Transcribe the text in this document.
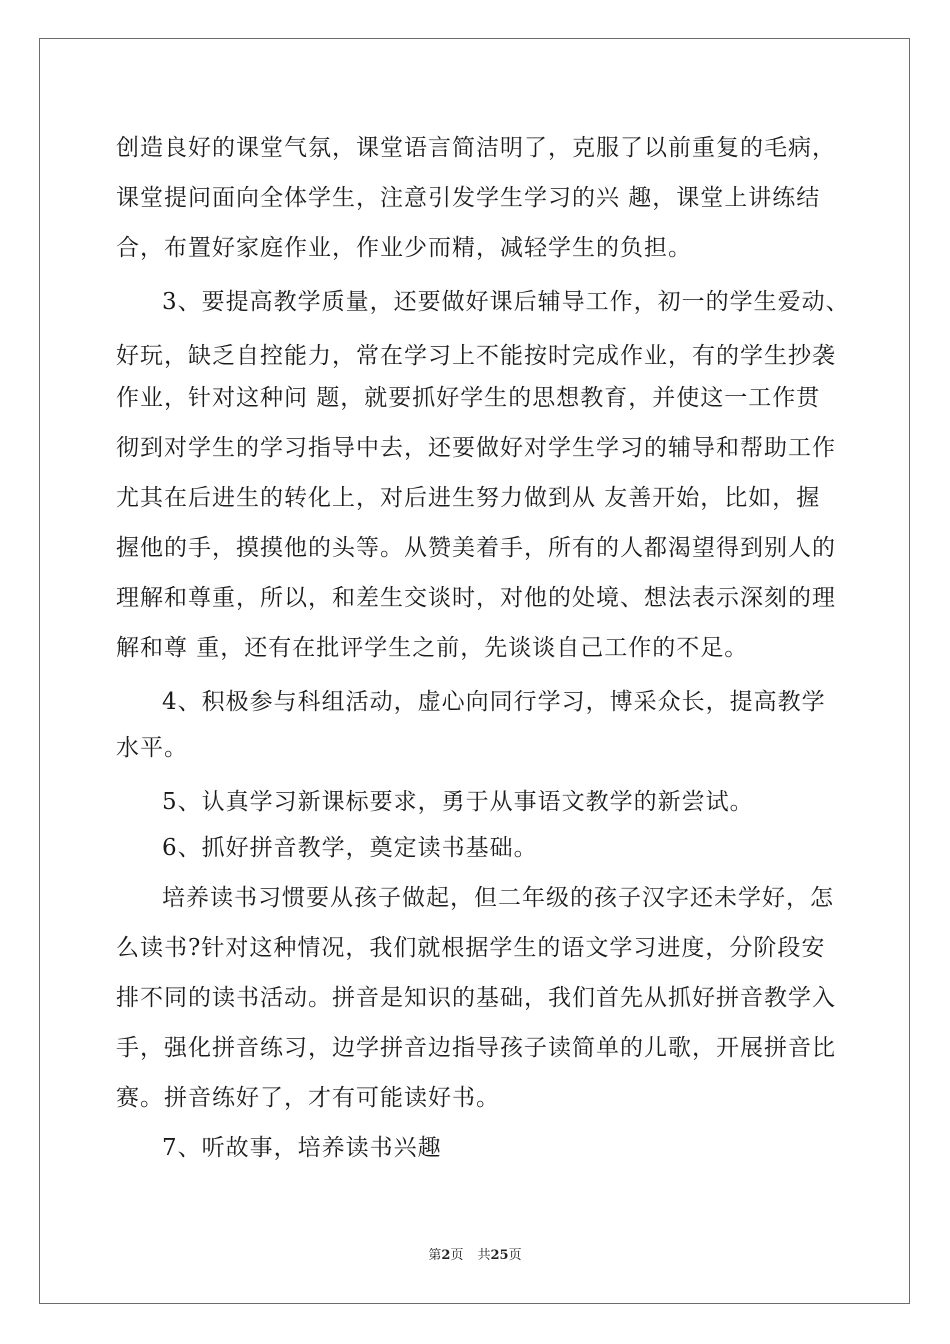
创造良好的课堂气氛，课堂语言简洁明了，克服了以前重复的毛病，
课堂提问面向全体学生，注意引发学生学习的兴 趣，课堂上讲练结
合，布置好家庭作业，作业少而精，减轻学生的负担。
3、要提高教学质量，还要做好课后辅导工作，初一的学生爱动、
好玩，缺乏自控能力，常在学习上不能按时完成作业，有的学生抄袭
作业，针对这种问 题，就要抓好学生的思想教育，并使这一工作贯
彻到对学生的学习指导中去，还要做好对学生学习的辅导和帮助工作
尤其在后进生的转化上，对后进生努力做到从 友善开始，比如，握
握他的手，摸摸他的头等。从赞美着手，所有的人都渴望得到别人的
理解和尊重，所以，和差生交谈时，对他的处境、想法表示深刻的理
解和尊 重，还有在批评学生之前，先谈谈自己工作的不足。
4、积极参与科组活动，虚心向同行学习，博采众长，提高教学
水平。
5、认真学习新课标要求，勇于从事语文教学的新尝试。
6、抓好拼音教学，奠定读书基础。
培养读书习惯要从孩子做起，但二年级的孩子汉字还未学好，怎
么读书?针对这种情况，我们就根据学生的语文学习进度，分阶段安
排不同的读书活动。拼音是知识的基础，我们首先从抓好拼音教学入
手，强化拼音练习，边学拼音边指导孩子读简单的儿歌，开展拼音比
赛。拼音练好了，才有可能读好书。
7、听故事，培养读书兴趣
第2页 共25页
